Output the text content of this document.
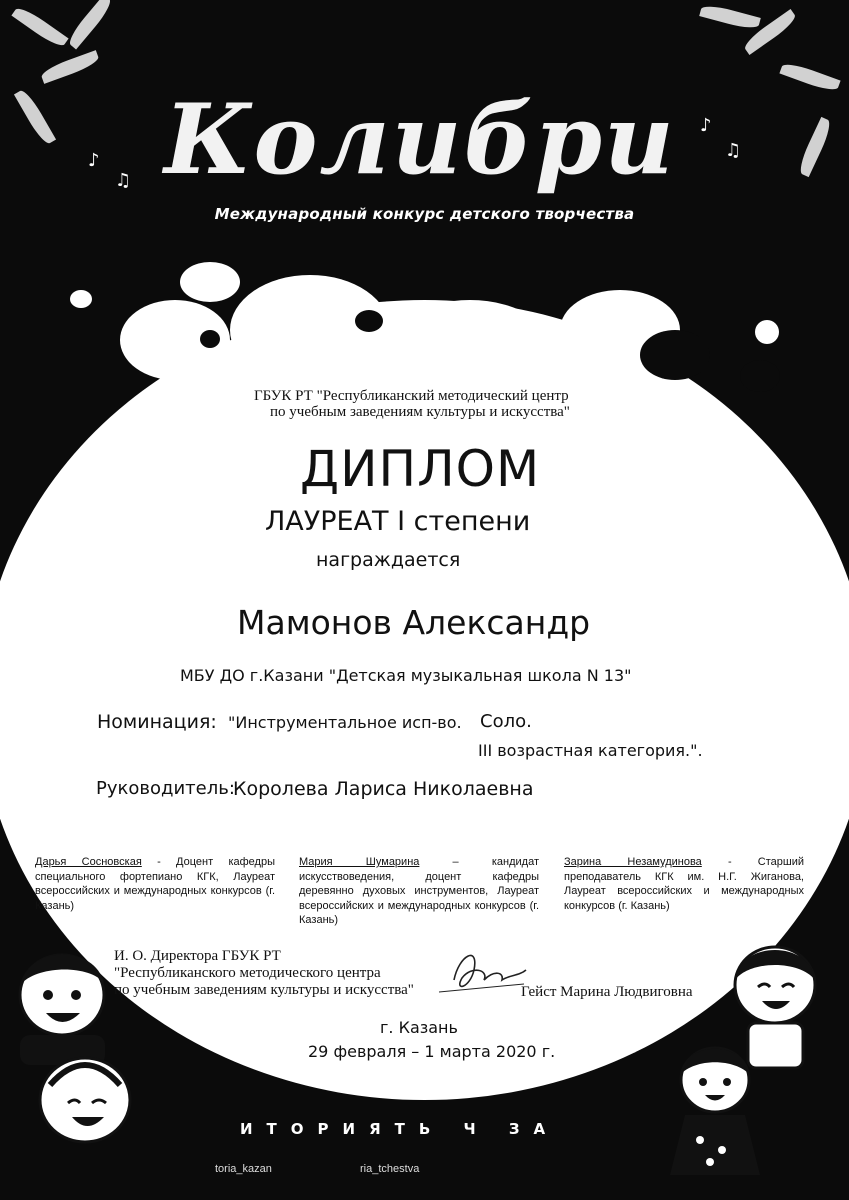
♪
♫
♪
♫
Колибри
Международный конкурс детского творчества
ГБУК РТ "Республиканский методический центр
по учебным заведениям культуры и искусства"
ДИПЛОМ
ЛАУРЕАТ I степени
награждается
Мамонов Александр
МБУ ДО г.Казани "Детская музыкальная школа N 13"
Номинация: "Инструментальное исп-во. Соло.
III возрастная категория.".
Руководитель:
Королева Лариса Николаевна
Дарья Сосновская - Доцент кафедры специального фортепиано КГК, Лауреат всероссийских и международных конкурсов (г. Казань)
Мария Шумарина – кандидат искусствоведения, доцент кафедры деревянно духовых инструментов, Лауреат всероссийских и международных конкурсов (г. Казань)
Зарина Незамудинова - Старший преподаватель КГК им. Н.Г. Жиганова, Лауреат всероссийских и международных конкурсов (г. Казань)
И. О. Директора ГБУК РТ
"Республиканского методического центра
по учебным заведениям культуры и искусства"	Гейст Марина Людвиговна
г. Казань
29 февраля – 1 марта 2020 г.
ИТОРИЯТЬ Ч ЗА
toria_kazan	ria_tchestva
